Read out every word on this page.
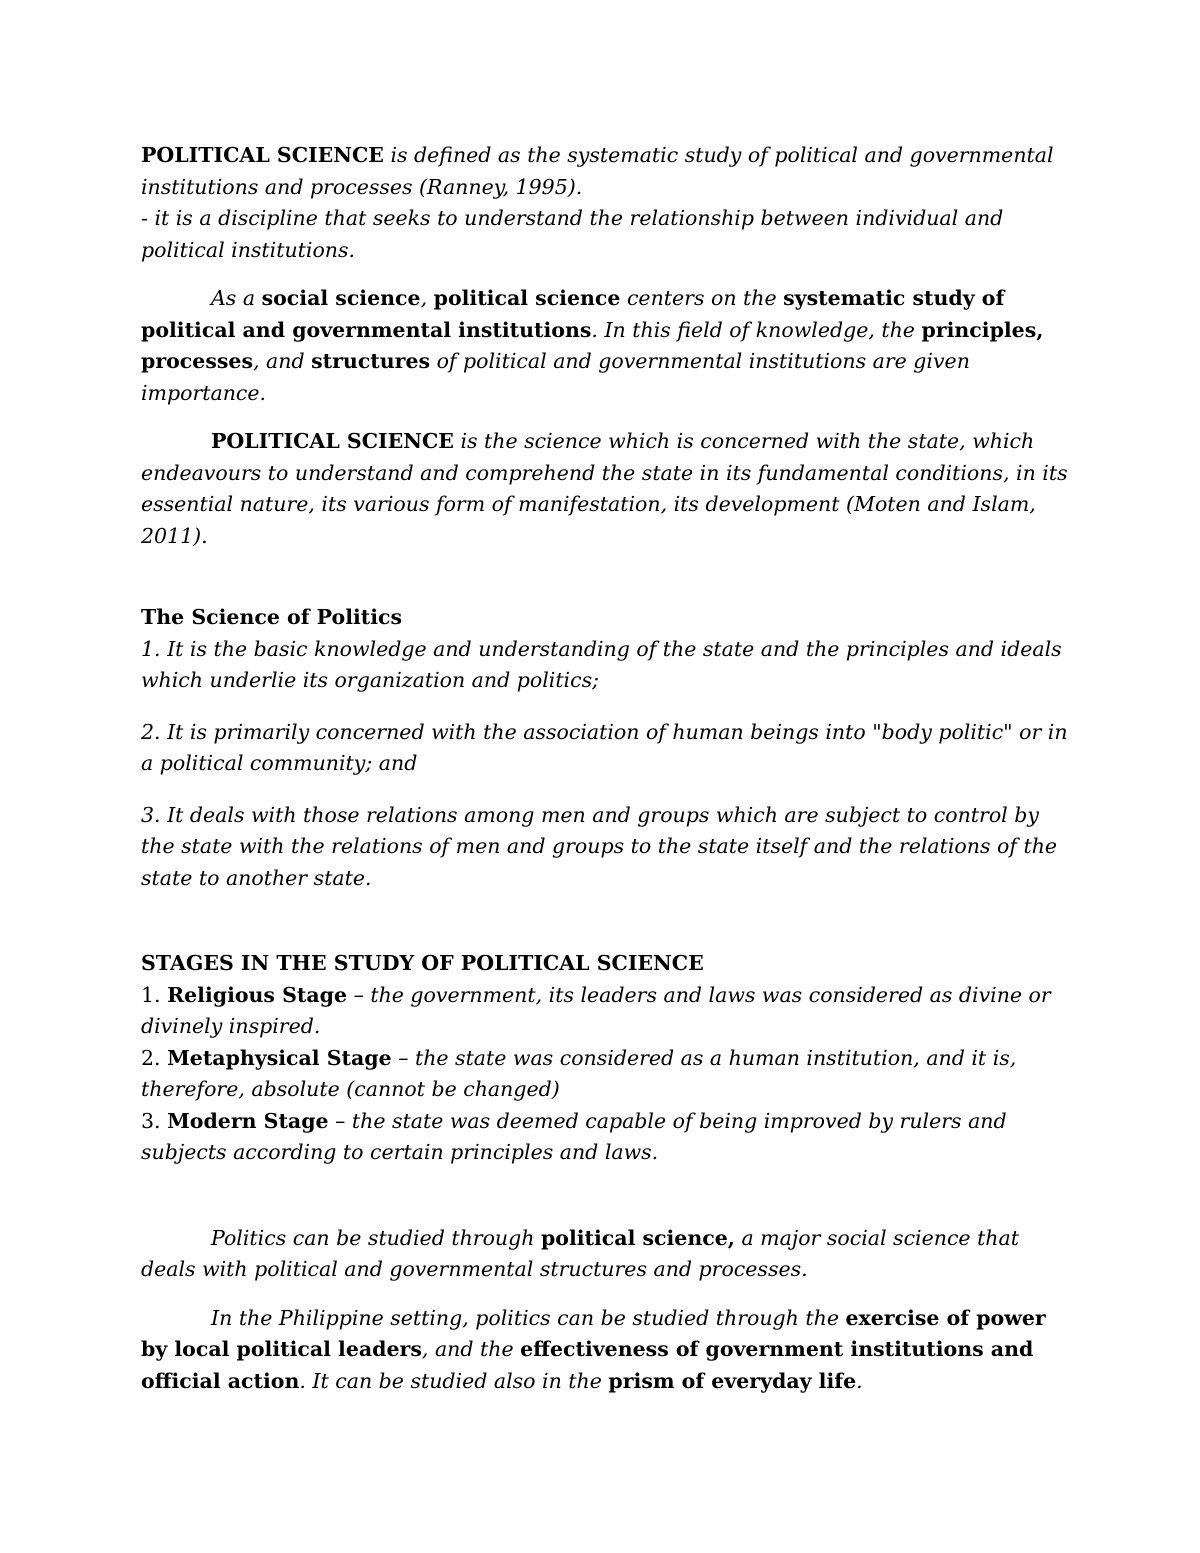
POLITICAL SCIENCE is defined as the systematic study of political and governmental institutions and processes (Ranney, 1995).

- it is a discipline that seeks to understand the relationship between individual and political institutions.

As a social science, political science centers on the systematic study of political and governmental institutions. In this field of knowledge, the principles, processes, and structures of political and governmental institutions are given importance.

POLITICAL SCIENCE is the science which is concerned with the state, which endeavours to understand and comprehend the state in its fundamental conditions, in its essential nature, its various form of manifestation, its development (Moten and Islam, 2011).

The Science of Politics

1. It is the basic knowledge and understanding of the state and the principles and ideals which underlie its organization and politics;

2. It is primarily concerned with the association of human beings into "body politic" or in a political community; and

3. It deals with those relations among men and groups which are subject to control by the state with the relations of men and groups to the state itself and the relations of the state to another state.

STAGES IN THE STUDY OF POLITICAL SCIENCE

1. Religious Stage – the government, its leaders and laws was considered as divine or divinely inspired.

2. Metaphysical Stage – the state was considered as a human institution, and it is, therefore, absolute (cannot be changed)

3. Modern Stage – the state was deemed capable of being improved by rulers and subjects according to certain principles and laws.

Politics can be studied through political science, a major social science that deals with political and governmental structures and processes.

In the Philippine setting, politics can be studied through the exercise of power by local political leaders, and the effectiveness of government institutions and official action. It can be studied also in the prism of everyday life.
